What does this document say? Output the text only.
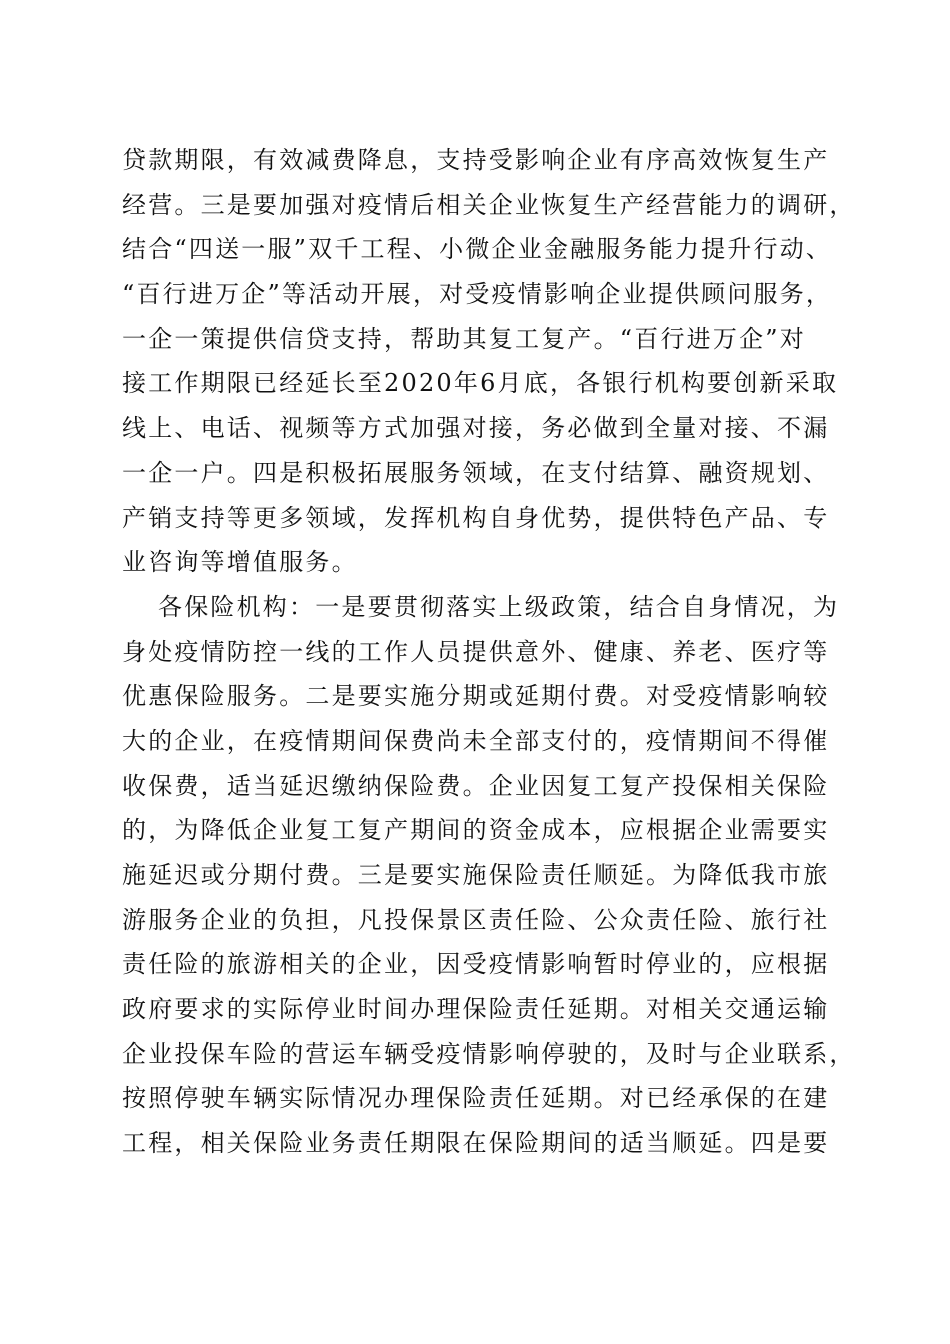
贷款期限，有效减费降息，支持受影响企业有序高效恢复生产
经营。三是要加强对疫情后相关企业恢复生产经营能力的调研，
结合“四送一服”双千工程、小微企业金融服务能力提升行动、
“百行进万企”等活动开展，对受疫情影响企业提供顾问服务，
一企一策提供信贷支持，帮助其复工复产。“百行进万企”对
接工作期限已经延长至2020年6月底，各银行机构要创新采取
线上、电话、视频等方式加强对接，务必做到全量对接、不漏
一企一户。四是积极拓展服务领域，在支付结算、融资规划、
产销支持等更多领域，发挥机构自身优势，提供特色产品、专
业咨询等增值服务。
各保险机构：一是要贯彻落实上级政策，结合自身情况，为
身处疫情防控一线的工作人员提供意外、健康、养老、医疗等
优惠保险服务。二是要实施分期或延期付费。对受疫情影响较
大的企业，在疫情期间保费尚未全部支付的，疫情期间不得催
收保费，适当延迟缴纳保险费。企业因复工复产投保相关保险
的，为降低企业复工复产期间的资金成本，应根据企业需要实
施延迟或分期付费。三是要实施保险责任顺延。为降低我市旅
游服务企业的负担，凡投保景区责任险、公众责任险、旅行社
责任险的旅游相关的企业，因受疫情影响暂时停业的，应根据
政府要求的实际停业时间办理保险责任延期。对相关交通运输
企业投保车险的营运车辆受疫情影响停驶的，及时与企业联系，
按照停驶车辆实际情况办理保险责任延期。对已经承保的在建
工程，相关保险业务责任期限在保险期间的适当顺延。四是要
